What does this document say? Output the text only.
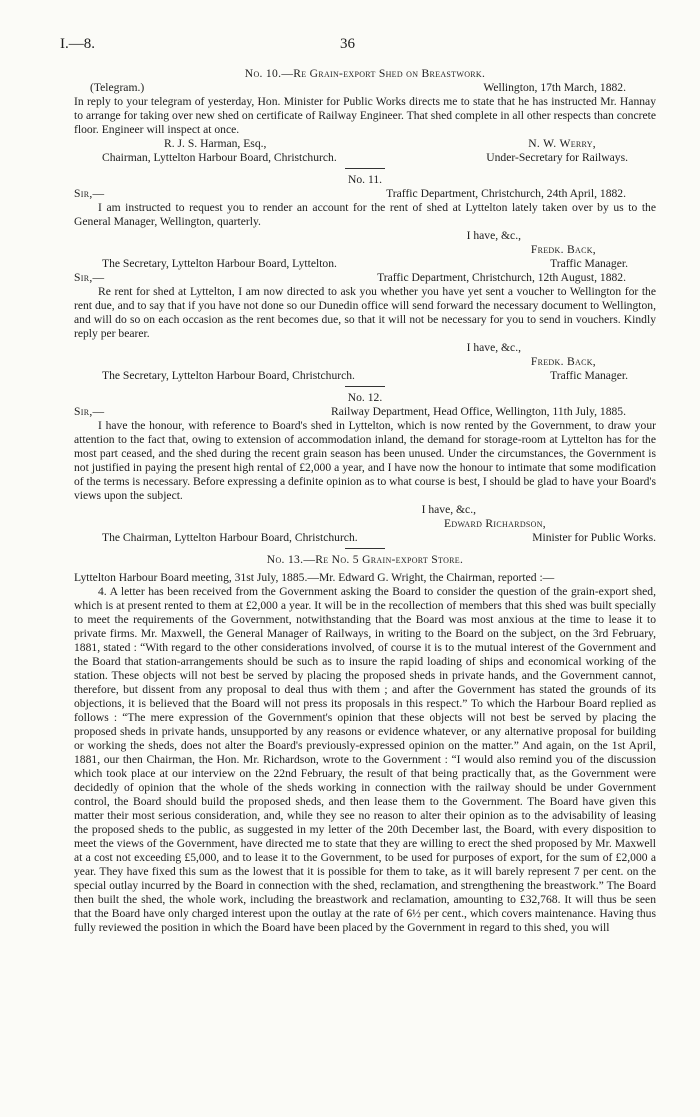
I.—8.	36
No. 10.—Re Grain-export Shed on Breastwork.
(Telegram.)	Wellington, 17th March, 1882.

In reply to your telegram of yesterday, Hon. Minister for Public Works directs me to state that he has instructed Mr. Hannay to arrange for taking over new shed on certificate of Railway Engineer. That shed complete in all other respects than concrete floor. Engineer will inspect at once.

R. J. S. Harman, Esq.,	N. W. Werry,
Chairman, Lyttelton Harbour Board, Christchurch.	Under-Secretary for Railways.
No. 11.
Sir,—	Traffic Department, Christchurch, 24th April, 1882.

I am instructed to request you to render an account for the rent of shed at Lyttelton lately taken over by us to the General Manager, Wellington, quarterly.

I have, &c.,
Fredk. Back,
The Secretary, Lyttelton Harbour Board, Lyttelton.	Traffic Manager.
Sir,—	Traffic Department, Christchurch, 12th August, 1882.

Re rent for shed at Lyttelton, I am now directed to ask you whether you have yet sent a voucher to Wellington for the rent due, and to say that if you have not done so our Dunedin office will send forward the necessary document to Wellington, and will do so on each occasion as the rent becomes due, so that it will not be necessary for you to send in vouchers. Kindly reply per bearer.

I have, &c.,
Fredk. Back,
The Secretary, Lyttelton Harbour Board, Christchurch.	Traffic Manager.
No. 12.
Sir,—	Railway Department, Head Office, Wellington, 11th July, 1885.

I have the honour, with reference to Board's shed in Lyttelton, which is now rented by the Government, to draw your attention to the fact that, owing to extension of accommodation inland, the demand for storage-room at Lyttelton has for the most part ceased, and the shed during the recent grain season has been unused. Under the circumstances, the Government is not justified in paying the present high rental of £2,000 a year, and I have now the honour to intimate that some modification of the terms is necessary. Before expressing a definite opinion as to what course is best, I should be glad to have your Board's views upon the subject.

I have, &c.,
Edward Richardson,
The Chairman, Lyttelton Harbour Board, Christchurch.	Minister for Public Works.
No. 13.—Re No. 5 Grain-export Store.

Lyttelton Harbour Board meeting, 31st July, 1885.—Mr. Edward G. Wright, the Chairman, reported :—

4. A letter has been received from the Government asking the Board to consider the question of the grain-export shed, which is at present rented to them at £2,000 a year. It will be in the recollection of members that this shed was built specially to meet the requirements of the Government, notwithstanding that the Board was most anxious at the time to lease it to private firms. Mr. Maxwell, the General Manager of Railways, in writing to the Board on the subject, on the 3rd February, 1881, stated : “With regard to the other considerations involved, of course it is to the mutual interest of the Government and the Board that station-arrangements should be such as to insure the rapid loading of ships and economical working of the station. These objects will not best be served by placing the proposed sheds in private hands, and the Government cannot, therefore, but dissent from any proposal to deal thus with them ; and after the Government has stated the grounds of its objections, it is believed that the Board will not press its proposals in this respect.” To which the Harbour Board replied as follows : “The mere expression of the Government's opinion that these objects will not best be served by placing the proposed sheds in private hands, unsupported by any reasons or evidence whatever, or any alternative proposal for building or working the sheds, does not alter the Board's previously-expressed opinion on the matter.” And again, on the 1st April, 1881, our then Chairman, the Hon. Mr. Richardson, wrote to the Government : “I would also remind you of the discussion which took place at our interview on the 22nd February, the result of that being practically that, as the Government were decidedly of opinion that the whole of the sheds working in connection with the railway should be under Government control, the Board should build the proposed sheds, and then lease them to the Government. The Board have given this matter their most serious consideration, and, while they see no reason to alter their opinion as to the advisability of leasing the proposed sheds to the public, as suggested in my letter of the 20th December last, the Board, with every disposition to meet the views of the Government, have directed me to state that they are willing to erect the shed proposed by Mr. Maxwell at a cost not exceeding £5,000, and to lease it to the Government, to be used for purposes of export, for the sum of £2,000 a year. They have fixed this sum as the lowest that it is possible for them to take, as it will barely represent 7 per cent. on the special outlay incurred by the Board in connection with the shed, reclamation, and strengthening the breastwork.” The Board then built the shed, the whole work, including the breastwork and reclamation, amounting to £32,768. It will thus be seen that the Board have only charged interest upon the outlay at the rate of 6½ per cent., which covers maintenance. Having thus fully reviewed the position in which the Board have been placed by the Government in regard to this shed, you will
